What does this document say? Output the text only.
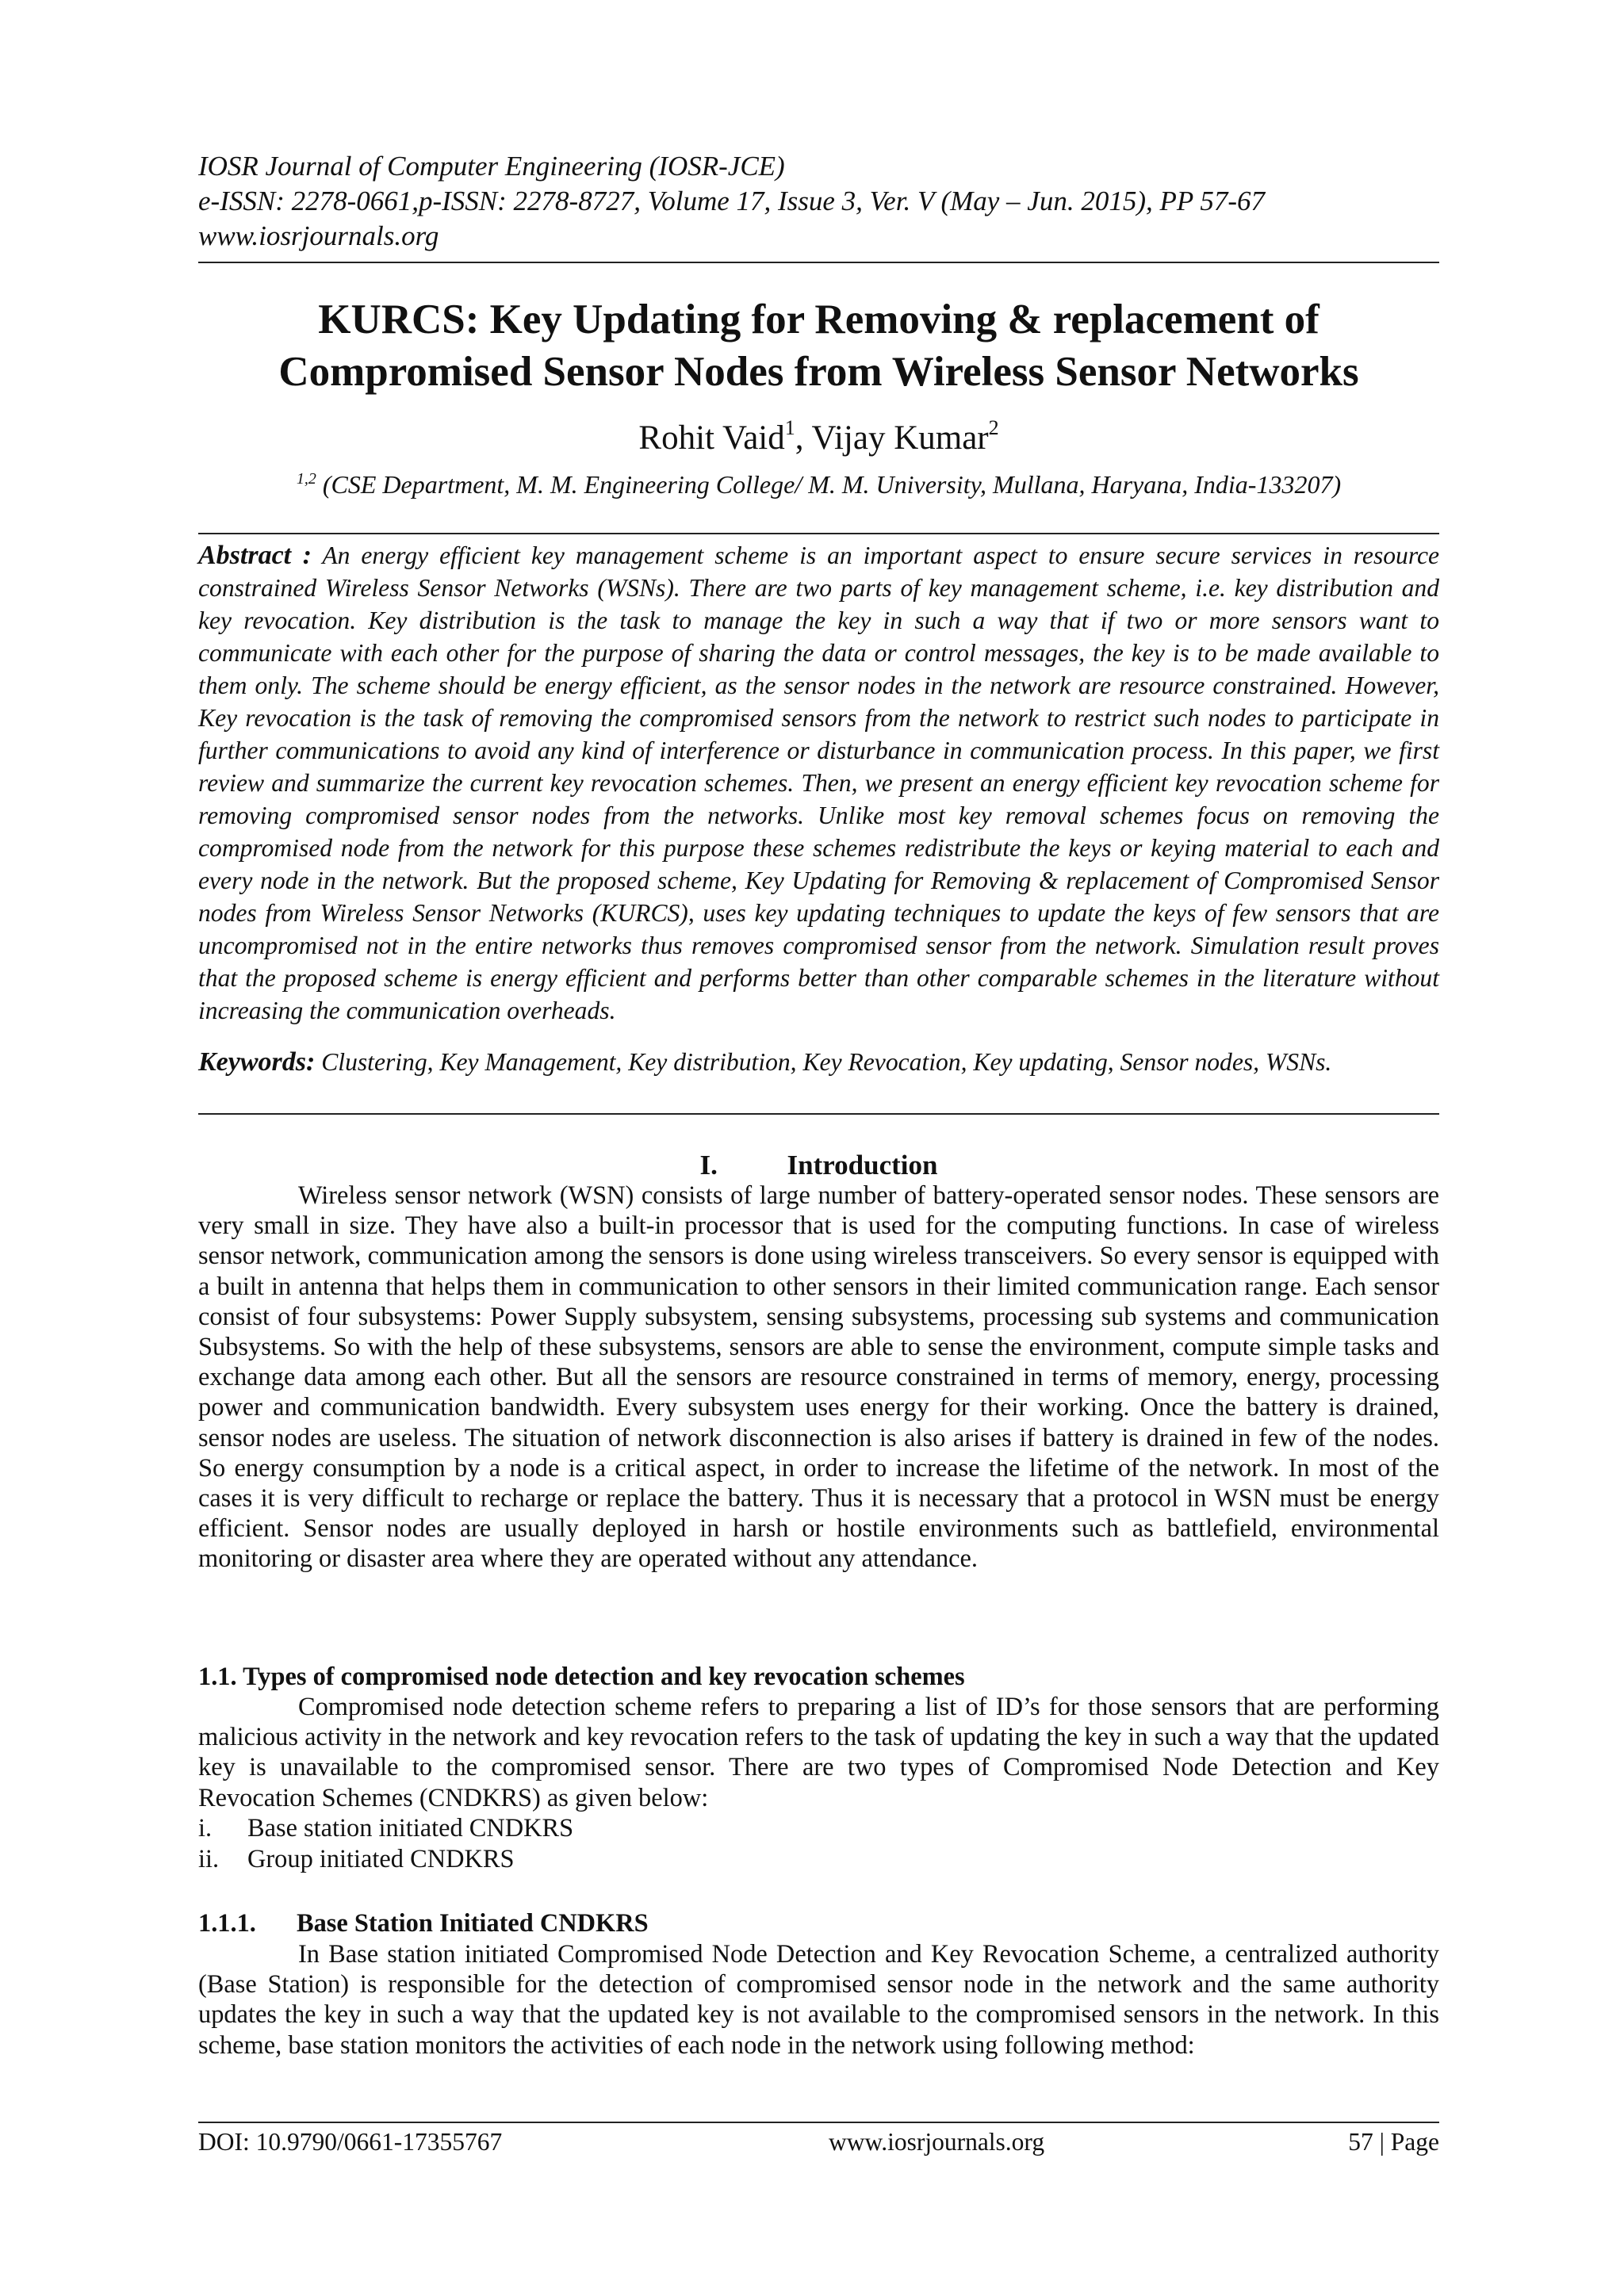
IOSR Journal of Computer Engineering (IOSR-JCE)
e-ISSN: 2278-0661,p-ISSN: 2278-8727, Volume 17, Issue 3, Ver. V (May – Jun. 2015), PP 57-67
www.iosrjournals.org
KURCS: Key Updating for Removing & replacement of
Compromised Sensor Nodes from Wireless Sensor Networks
Rohit Vaid$^1$, Vijay Kumar$^2$
$^{1,2}$ (CSE Department, M. M. Engineering College/ M. M. University, Mullana, Haryana, India-133207)
Abstract : An energy efficient key management scheme is an important aspect to ensure secure services in resource constrained Wireless Sensor Networks (WSNs). There are two parts of key management scheme, i.e. key distribution and key revocation. Key distribution is the task to manage the key in such a way that if two or more sensors want to communicate with each other for the purpose of sharing the data or control messages, the key is to be made available to them only. The scheme should be energy efficient, as the sensor nodes in the network are resource constrained. However, Key revocation is the task of removing the compromised sensors from the network to restrict such nodes to participate in further communications to avoid any kind of interference or disturbance in communication process. In this paper, we first review and summarize the current key revocation schemes. Then, we present an energy efficient key revocation scheme for removing compromised sensor nodes from the networks. Unlike most key removal schemes focus on removing the compromised node from the network for this purpose these schemes redistribute the keys or keying material to each and every node in the network. But the proposed scheme, Key Updating for Removing & replacement of Compromised Sensor nodes from Wireless Sensor Networks (KURCS), uses key updating techniques to update the keys of few sensors that are uncompromised not in the entire networks thus removes compromised sensor from the network. Simulation result proves that the proposed scheme is energy efficient and performs better than other comparable schemes in the literature without increasing the communication overheads.
Keywords: Clustering, Key Management, Key distribution, Key Revocation, Key updating, Sensor nodes, WSNs.
I.	Introduction

Wireless sensor network (WSN) consists of large number of battery-operated sensor nodes. These sensors are very small in size. They have also a built-in processor that is used for the computing functions. In case of wireless sensor network, communication among the sensors is done using wireless transceivers. So every sensor is equipped with a built in antenna that helps them in communication to other sensors in their limited communication range. Each sensor consist of four subsystems: Power Supply subsystem, sensing subsystems, processing sub systems and communication Subsystems. So with the help of these subsystems, sensors are able to sense the environment, compute simple tasks and exchange data among each other. But all the sensors are resource constrained in terms of memory, energy, processing power and communication bandwidth. Every subsystem uses energy for their working. Once the battery is drained, sensor nodes are useless. The situation of network disconnection is also arises if battery is drained in few of the nodes. So energy consumption by a node is a critical aspect, in order to increase the lifetime of the network. In most of the cases it is very difficult to recharge or replace the battery. Thus it is necessary that a protocol in WSN must be energy efficient. Sensor nodes are usually deployed in harsh or hostile environments such as battlefield, environmental monitoring or disaster area where they are operated without any attendance.

1.1. Types of compromised node detection and key revocation schemes

Compromised node detection scheme refers to preparing a list of ID’s for those sensors that are performing malicious activity in the network and key revocation refers to the task of updating the key in such a way that the updated key is unavailable to the compromised sensor. There are two types of Compromised Node Detection and Key Revocation Schemes (CNDKRS) as given below:

i. Base station initiated CNDKRS
ii. Group initiated CNDKRS
1.1.1. Base Station Initiated CNDKRS

In Base station initiated Compromised Node Detection and Key Revocation Scheme, a centralized authority (Base Station) is responsible for the detection of compromised sensor node in the network and the same authority updates the key in such a way that the updated key is not available to the compromised sensors in the network. In this scheme, base station monitors the activities of each node in the network using following method:

DOI: 10.9790/0661-17355767	www.iosrjournals.org	57 | Page
